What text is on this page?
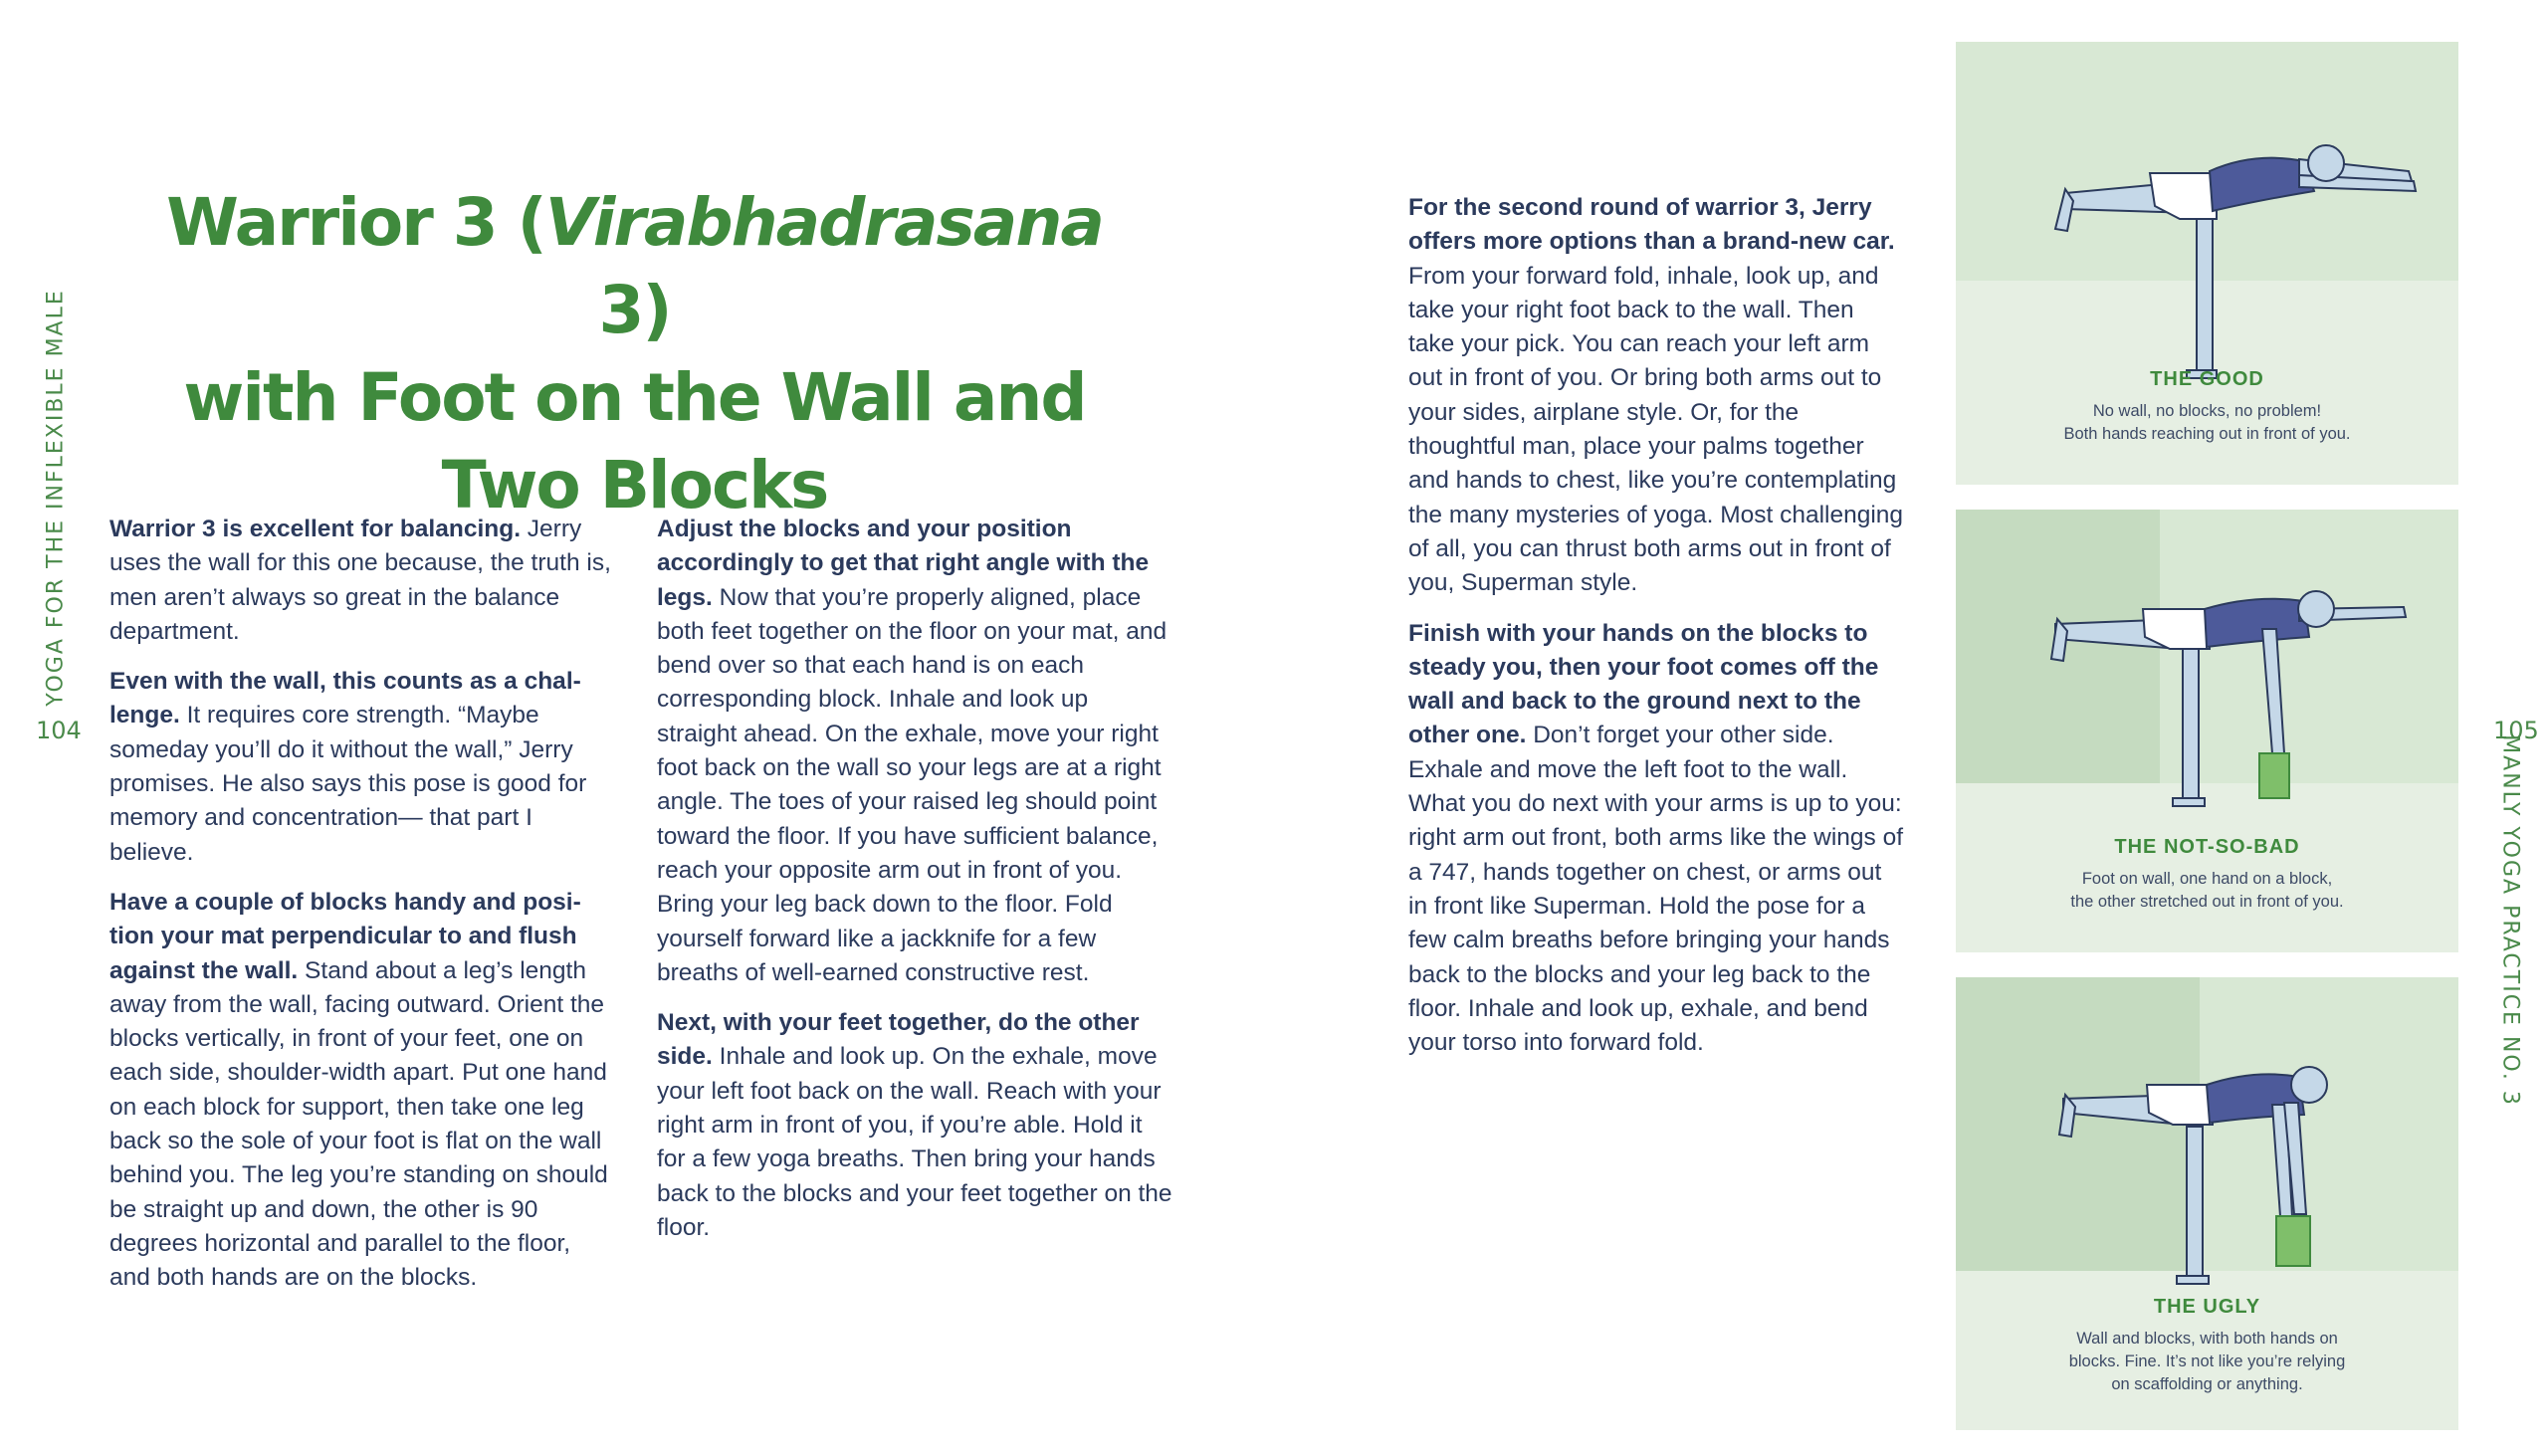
YOGA FOR THE INFLEXIBLE MALE
104
Warrior 3 (Virabhadrasana 3)
with Foot on the Wall and Two Blocks

Warrior 3 is excellent for balancing. Jerry uses the wall for this one because, the truth is, men aren’t always so great in the balance department.

Even with the wall, this counts as a challenge. It requires core strength. “Maybe someday you’ll do it without the wall,” Jerry promises. He also says this pose is good for memory and concentration— that part I believe.

Have a couple of blocks handy and position your mat perpendicular to and flush against the wall. Stand about a leg’s length away from the wall, facing outward. Orient the blocks vertically, in front of your feet, one on each side, shoulder-width apart. Put one hand on each block for support, then take one leg back so the sole of your foot is flat on the wall behind you. The leg you’re standing on should be straight up and down, the other is 90 degrees horizontal and parallel to the floor, and both hands are on the blocks.

Adjust the blocks and your position accordingly to get that right angle with the legs. Now that you’re properly aligned, place both feet together on the floor on your mat, and bend over so that each hand is on each corresponding block. Inhale and look up straight ahead. On the exhale, move your right foot back on the wall so your legs are at a right angle. The toes of your raised leg should point toward the floor. If you have sufficient balance, reach your opposite arm out in front of you. Bring your leg back down to the floor. Fold yourself forward like a jackknife for a few breaths of well-earned constructive rest.

Next, with your feet together, do the other side. Inhale and look up. On the exhale, move your left foot back on the wall. Reach with your right arm in front of you, if you’re able. Hold it for a few yoga breaths. Then bring your hands back to the blocks and your feet together on the floor.

For the second round of warrior 3, Jerry offers more options than a brand-new car. From your forward fold, inhale, look up, and take your right foot back to the wall. Then take your pick. You can reach your left arm out in front of you. Or bring both arms out to your sides, airplane style. Or, for the thoughtful man, place your palms together and hands to chest, like you’re contemplating the many mysteries of yoga. Most challenging of all, you can thrust both arms out in front of you, Superman style.

Finish with your hands on the blocks to steady you, then your foot comes off the wall and back to the ground next to the other one. Don’t forget your other side. Exhale and move the left foot to the wall. What you do next with your arms is up to you: right arm out front, both arms like the wings of a 747, hands together on chest, or arms out in front like Superman. Hold the pose for a few calm breaths before bringing your hands back to the blocks and your leg back to the floor. Inhale and look up, exhale, and bend your torso into forward fold.

105
MANLY YOGA PRACTICE NO. 3
THE GOOD
No wall, no blocks, no problem!
Both hands reaching out in front of you.
THE NOT-SO-BAD
Foot on wall, one hand on a block,
the other stretched out in front of you.
THE UGLY
Wall and blocks, with both hands on
blocks. Fine. It’s not like you’re relying
on scaffolding or anything.
